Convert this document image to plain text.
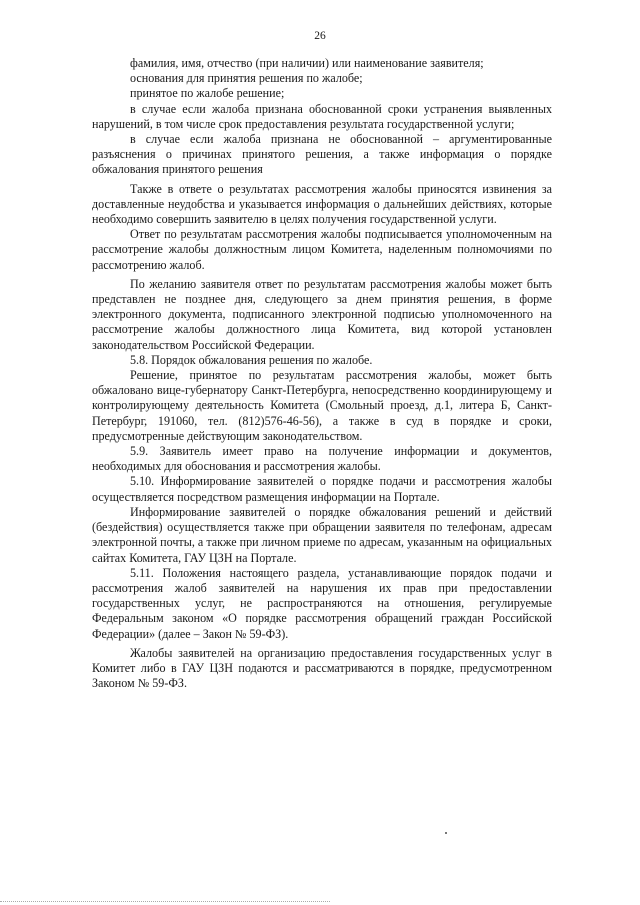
26

фамилия, имя, отчество (при наличии) или наименование заявителя;

основания для принятия решения по жалобе;

принятое по жалобе решение;

в случае если жалоба признана обоснованной сроки устранения выявленных нарушений, в том числе срок предоставления результата государственной услуги;

в случае если жалоба признана не обоснованной – аргументированные разъяснения о причинах принятого решения, а также информация о порядке обжалования принятого решения

Также в ответе о результатах рассмотрения жалобы приносятся извинения за доставленные неудобства и указывается информация о дальнейших действиях, которые необходимо совершить заявителю в целях получения государственной услуги.

Ответ по результатам рассмотрения жалобы подписывается уполномоченным на рассмотрение жалобы должностным лицом Комитета, наделенным полномочиями по рассмотрению жалоб.

По желанию заявителя ответ по результатам рассмотрения жалобы может быть представлен не позднее дня, следующего за днем принятия решения, в форме электронного документа, подписанного электронной подписью уполномоченного на рассмотрение жалобы должностного лица Комитета, вид которой установлен законодательством Российской Федерации.

5.8. Порядок обжалования решения по жалобе.

Решение, принятое по результатам рассмотрения жалобы, может быть обжаловано вице-губернатору Санкт-Петербурга, непосредственно координирующему и контролирующему деятельность Комитета (Смольный проезд, д.1, литера Б, Санкт-Петербург, 191060, тел. (812)576-46-56), а также в суд в порядке и сроки, предусмотренные действующим законодательством.

5.9. Заявитель имеет право на получение информации и документов, необходимых для обоснования и рассмотрения жалобы.

5.10. Информирование заявителей о порядке подачи и рассмотрения жалобы осуществляется посредством размещения информации на Портале.

Информирование заявителей о порядке обжалования решений и действий (бездействия) осуществляется также при обращении заявителя по телефонам, адресам электронной почты, а также при личном приеме по адресам, указанным на официальных сайтах Комитета, ГАУ ЦЗН на Портале.

5.11. Положения настоящего раздела, устанавливающие порядок подачи и рассмотрения жалоб заявителей на нарушения их прав при предоставлении государственных услуг, не распространяются на отношения, регулируемые Федеральным законом «О порядке рассмотрения обращений граждан Российской Федерации» (далее – Закон № 59-ФЗ).

Жалобы заявителей на организацию предоставления государственных услуг в Комитет либо в ГАУ ЦЗН подаются и рассматриваются в порядке, предусмотренном Законом № 59-ФЗ.
